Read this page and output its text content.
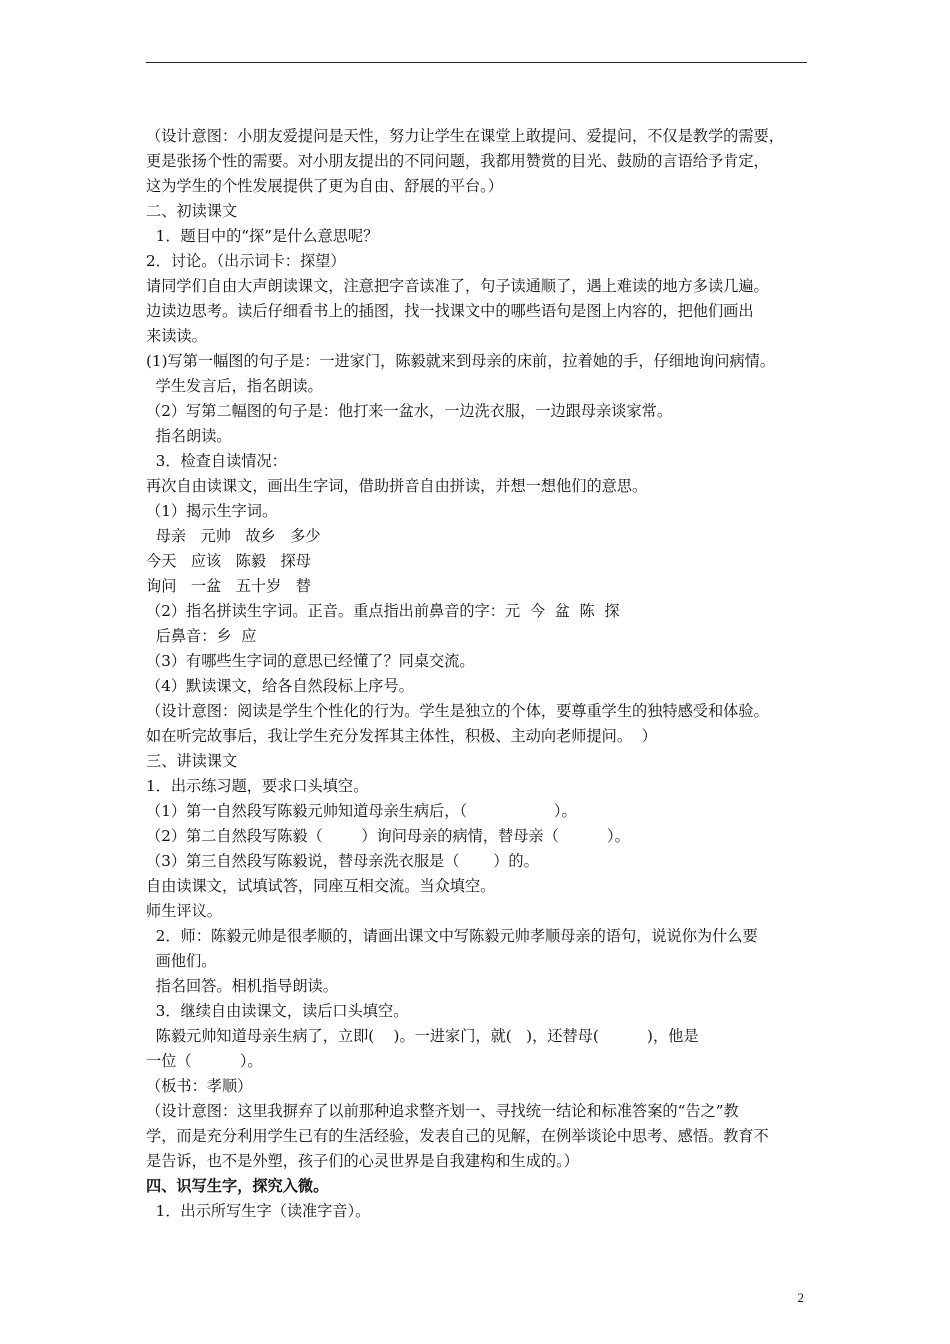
（设计意图：小朋友爱提问是天性，努力让学生在课堂上敢提问、爱提问，不仅是教学的需要，
更是张扬个性的需要。对小朋友提出的不同问题，我都用赞赏的目光、鼓励的言语给予肯定，
这为学生的个性发展提供了更为自由、舒展的平台。）
二、初读课文
1．题目中的“探”是什么意思呢？
2．讨论。（出示词卡：探望）
请同学们自由大声朗读课文，注意把字音读准了，句子读通顺了，遇上难读的地方多读几遍。
边读边思考。读后仔细看书上的插图，找一找课文中的哪些语句是图上内容的，把他们画出
来读读。
(1)写第一幅图的句子是：一进家门，陈毅就来到母亲的床前，拉着她的手，仔细地询问病情。
学生发言后，指名朗读。
（2）写第二幅图的句子是：他打来一盆水，一边洗衣服，一边跟母亲谈家常。
指名朗读。
3．检查自读情况：
再次自由读课文，画出生字词，借助拼音自由拼读，并想一想他们的意思。
（1）揭示生字词。
母亲   元帅   故乡   多少
今天   应该   陈毅   探母
询问   一盆   五十岁   替
（2）指名拼读生字词。正音。重点指出前鼻音的字：元  今  盆  陈  探
后鼻音：乡  应
（3）有哪些生字词的意思已经懂了？同桌交流。
（4）默读课文，给各自然段标上序号。
（设计意图：阅读是学生个性化的行为。学生是独立的个体，要尊重学生的独特感受和体验。
如在听完故事后，我让学生充分发挥其主体性，积极、主动向老师提问。  ）
三、讲读课文
1．出示练习题，要求口头填空。
（1）第一自然段写陈毅元帅知道母亲生病后，（                  ）。
（2）第二自然段写陈毅（        ）询问母亲的病情，替母亲（          ）。
（3）第三自然段写陈毅说，替母亲洗衣服是（       ）的。
自由读课文，试填试答，同座互相交流。当众填空。
师生评议。
2．师：陈毅元帅是很孝顺的，请画出课文中写陈毅元帅孝顺母亲的语句，说说你为什么要
画他们。
指名回答。相机指导朗读。
3．继续自由读课文，读后口头填空。
陈毅元帅知道母亲生病了，立即(    )。一进家门，就(   )，还替母(          )，他是
一位（          ）。
（板书：孝顺）
（设计意图：这里我摒弃了以前那种追求整齐划一、寻找统一结论和标准答案的“告之”教
学，而是充分利用学生已有的生活经验，发表自己的见解，在例举谈论中思考、感悟。教育不
是告诉，也不是外塑，孩子们的心灵世界是自我建构和生成的。）
四、识写生字，探究入微。
1．出示所写生字（读准字音）。
2
